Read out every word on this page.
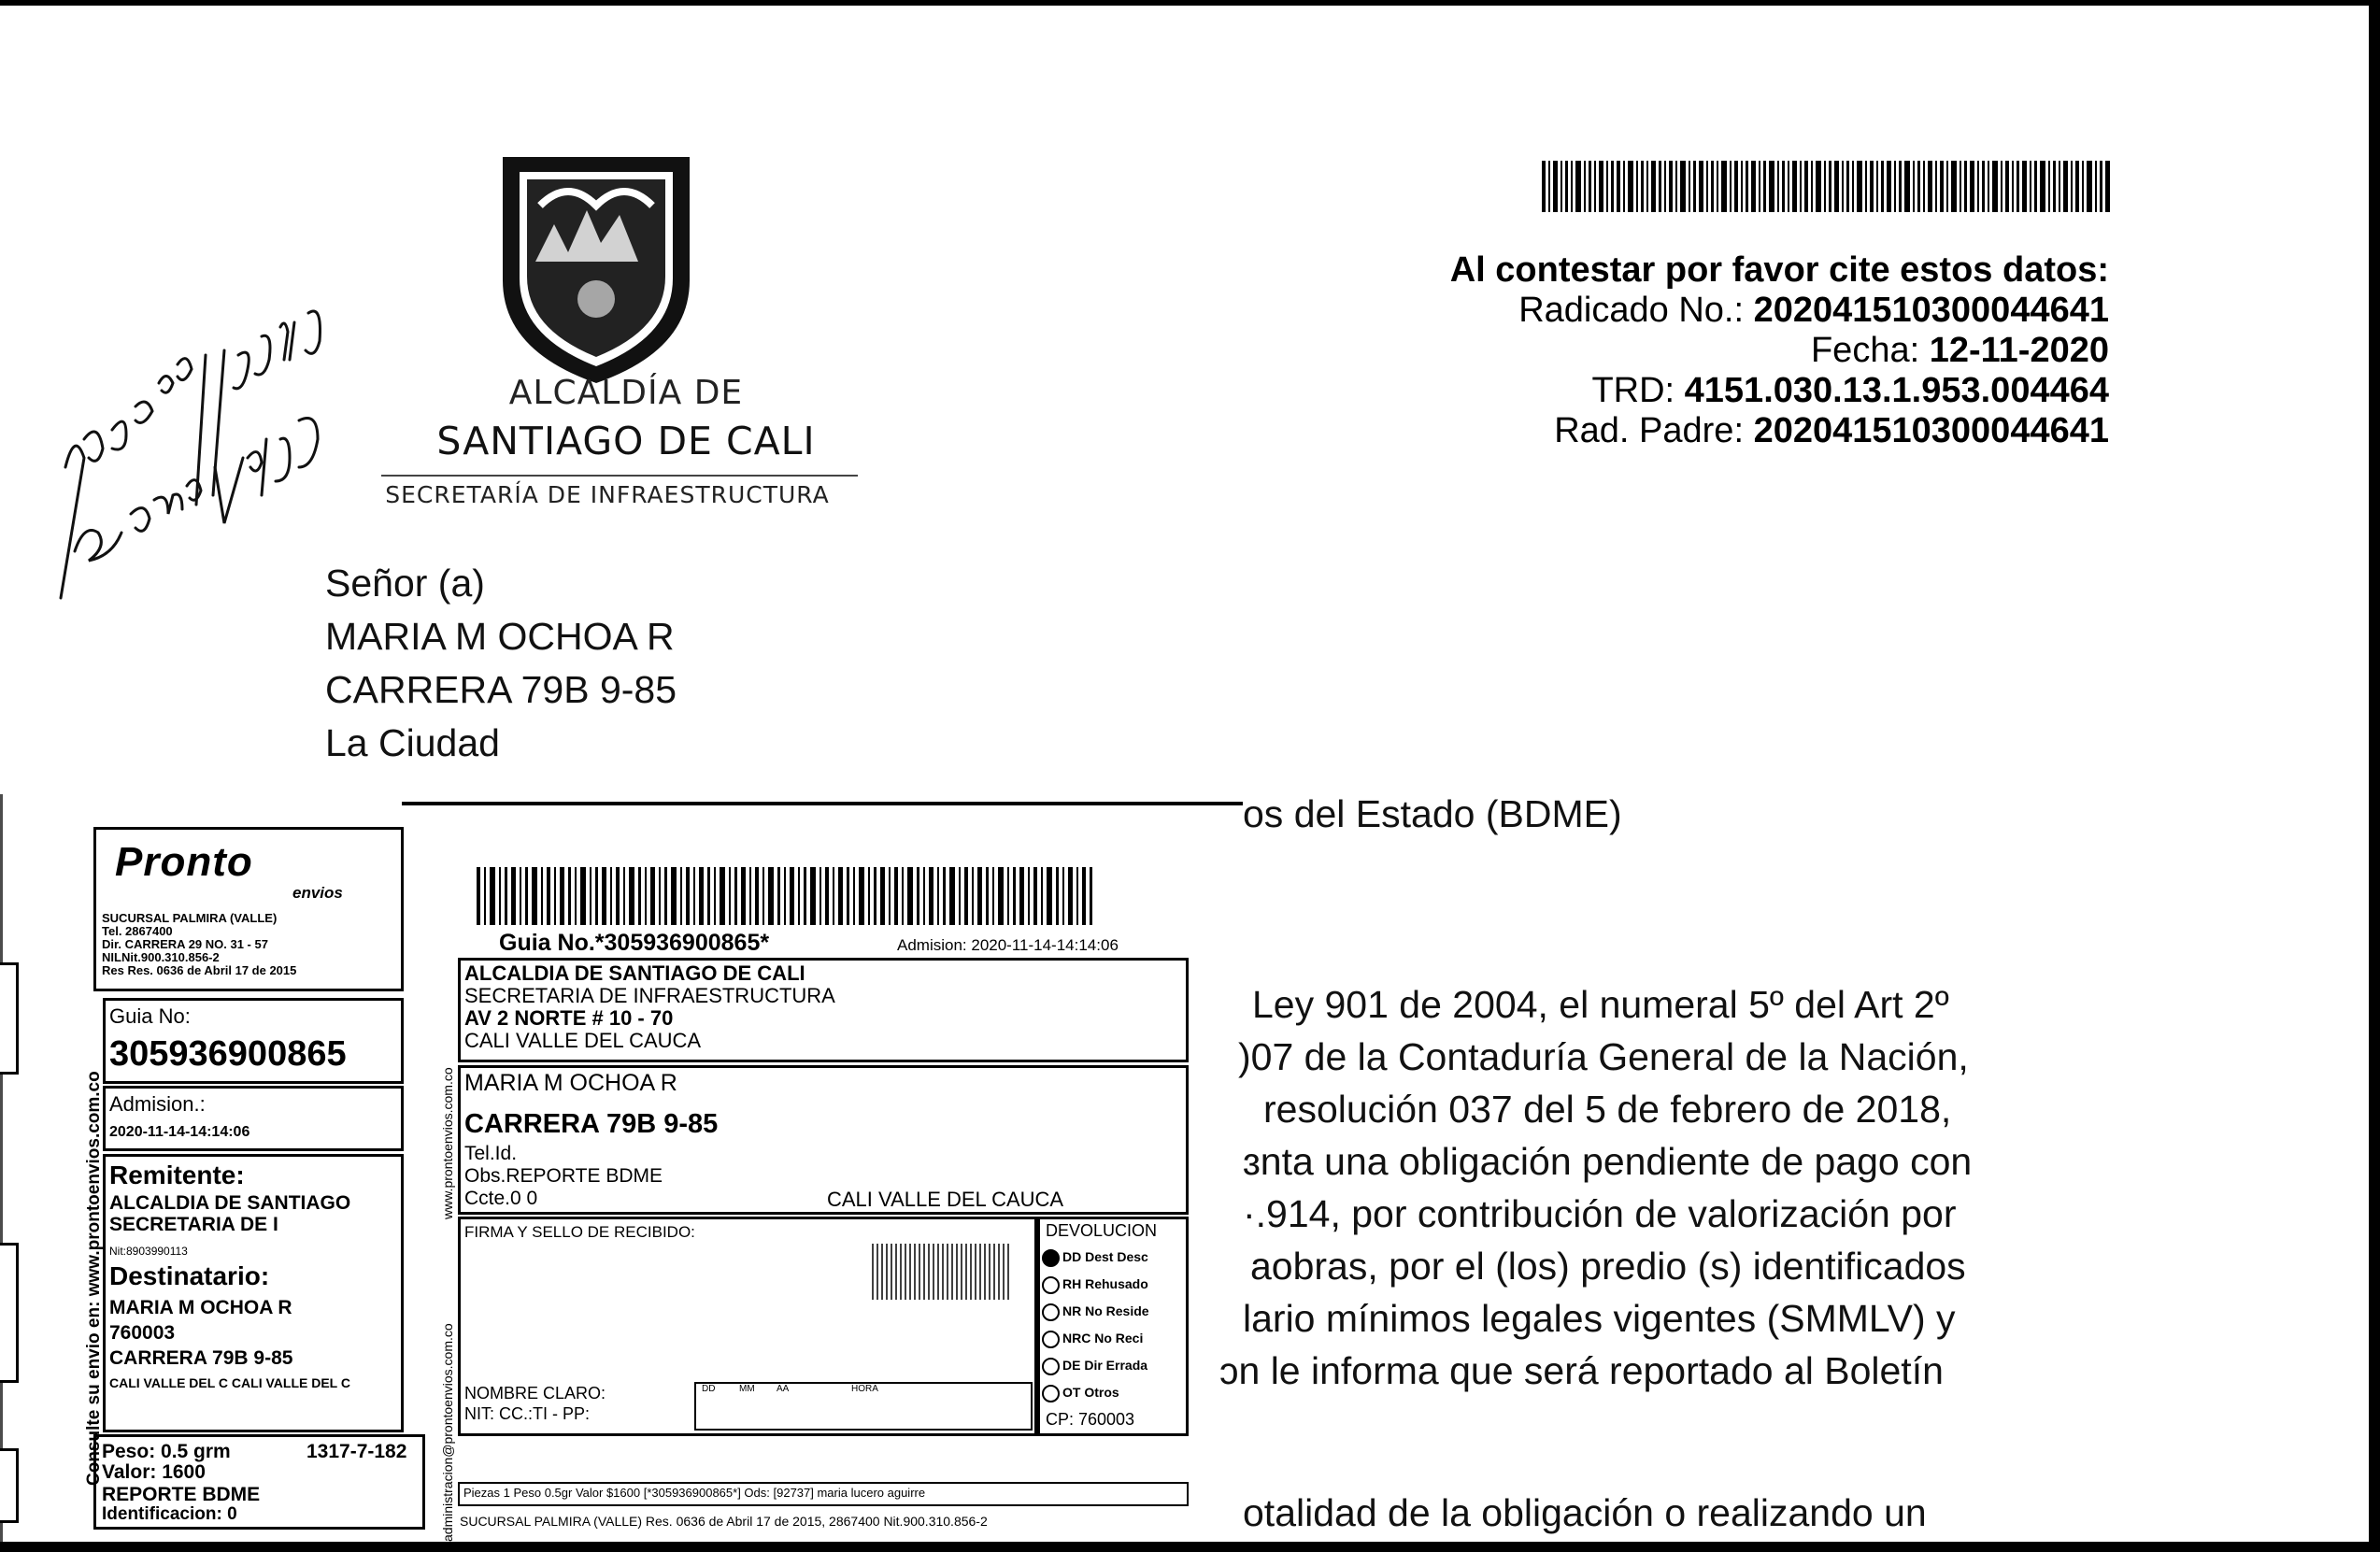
ALCALDÍA DE
SANTIAGO DE CALI
SECRETARÍA DE INFRAESTRUCTURA
Al contestar por favor cite estos datos:
Radicado No.: 202041510300044641
Fecha: 12-11-2020
TRD: 4151.030.13.1.953.004464
Rad. Padre: 202041510300044641
Señor (a)
MARIA M OCHOA R
CARRERA 79B 9-85
La Ciudad
os del Estado (BDME)
Ley 901 de 2004, el numeral 5º del Art 2º
)07 de la Contaduría General de la Nación,
resolución 037 del 5 de febrero de 2018,
ɜnta una obligación pendiente de pago con
·.914, por contribución de valorización por
aobras, por el (los) predio (s) identificados
lario mínimos legales vigentes (SMMLV) y
ɔn le informa que será reportado al Boletín
otalidad de la obligación o realizando un
Pronto
envios
SUCURSAL PALMIRA (VALLE)
Tel. 2867400
Dir. CARRERA 29 NO. 31 - 57
NILNit.900.310.856-2
Res Res. 0636 de Abril 17 de 2015
Guia No:
305936900865
Admision.:
2020-11-14-14:14:06
Remitente:
ALCALDIA DE SANTIAGO
SECRETARIA DE I
Nit:8903990113
Destinatario:
MARIA M OCHOA R
760003
CARRERA 79B 9-85
CALI VALLE DEL C CALI VALLE DEL C
Peso: 0.5 grm	1317-7-182
Valor: 1600
REPORTE BDME
Identificacion: 0
Consulte su envio en: www.prontoenvios.com.co	www.prontoenvios.com.co
administracion@prontoenvios.com.co
Guia No.*305936900865*	Admision: 2020-11-14-14:14:06
ALCALDIA DE SANTIAGO DE CALI
SECRETARIA DE INFRAESTRUCTURA
AV 2 NORTE # 10 - 70
CALI VALLE DEL CAUCA
MARIA M OCHOA R
CARRERA 79B 9-85
Tel.Id.
Obs.REPORTE BDME
Ccte.0 0	CALI VALLE DEL CAUCA
FIRMA Y SELLO DE RECIBIDO:
NOMBRE CLARO:
NIT: CC.:TI - PP:
DD	MM AA	HORA
DEVOLUCION
DD Dest Desc
RH Rehusado
NR No Reside
NRC No Reci
DE Dir Errada
OT Otros
CP: 760003
Piezas 1 Peso 0.5gr Valor $1600 [*305936900865*] Ods: [92737] maria lucero aguirre
SUCURSAL PALMIRA (VALLE) Res. 0636 de Abril 17 de 2015, 2867400 Nit.900.310.856-2
